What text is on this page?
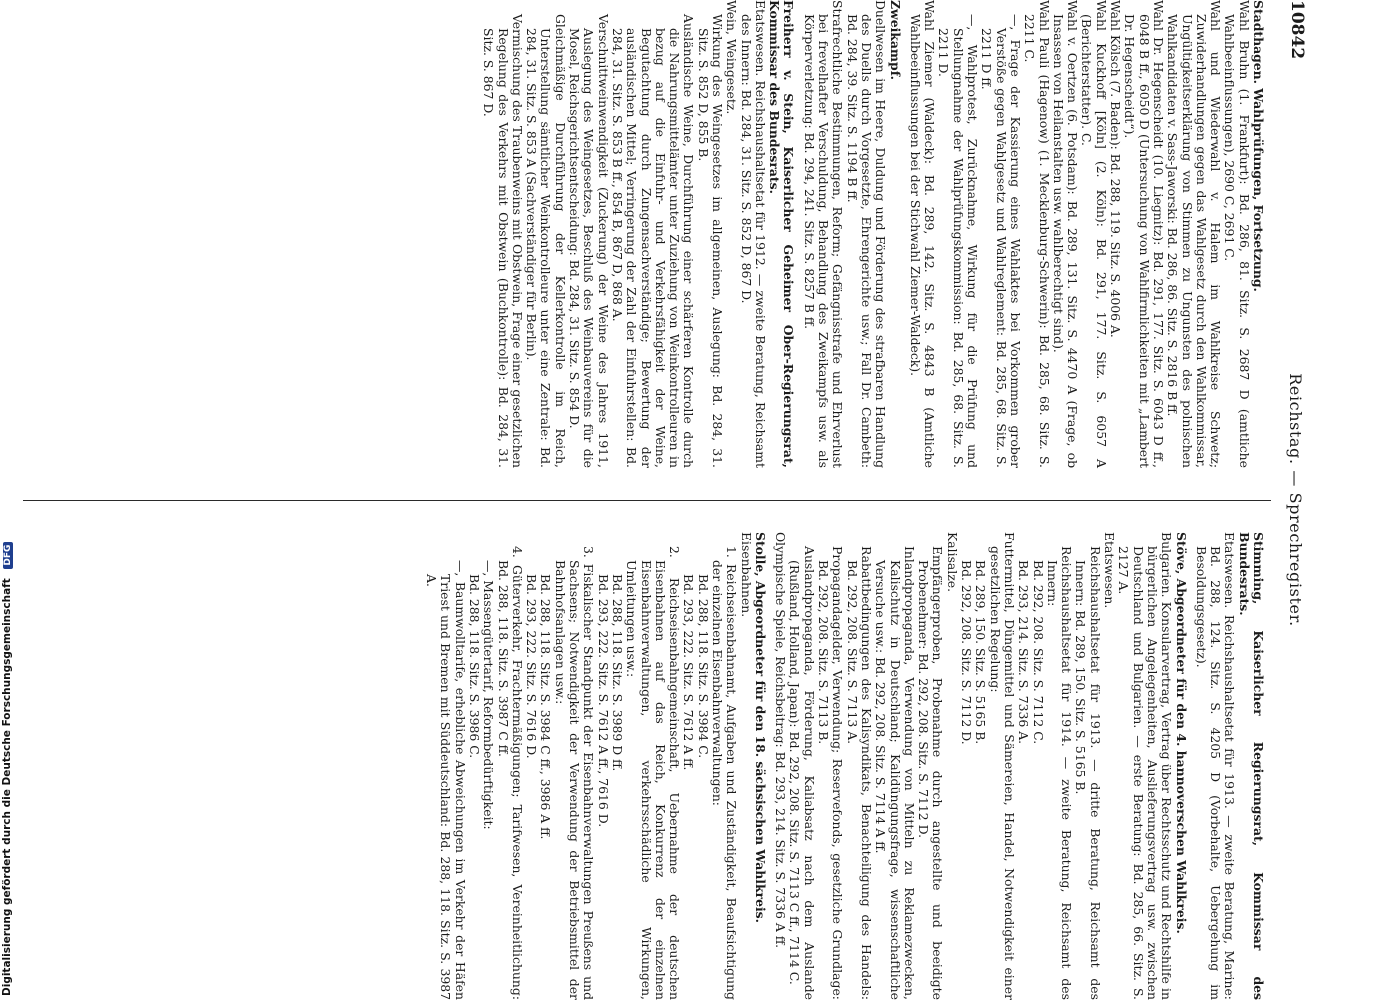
10842
Reichstag. — Sprechregister.

Stadthagen. Wahlprüfungen, Fortsetzung.

Wahl Bruhn (1. Frankfurt): Bd. 286, 81. Sitz. S. 2687 D (amtliche Wahlbeeinflussungen), 2690 C, 2691 C.

Wahl und Wiederwahl v. Halem im Wahlkreise Schwetz; Zuwiderhandlungen gegen das Wahlgesetz durch den Wahlkommissar, Ungültigkeitserklärung von Stimmen zu Ungunsten des polnischen Wahlkandidaten v. Sass-Jaworski: Bd. 286, 86. Sitz. S. 2816 B ff.

Wahl Dr. Hegenscheidt (10. Liegnitz): Bd. 291, 177. Sitz. S. 6043 D ff., 6048 B ff., 6050 D (Untersuchung von Wahlfirmlichkeiten mit „Lambert Dr. Hegenscheidt“).

Wahl Kölsch (7. Baden): Bd. 288, 119. Sitz. S. 4006 A.

Wahl Kuckhoff [Köln] (2. Köln): Bd. 291, 177. Sitz. S. 6057 A (Berichterstatter). C.

Wahl v. Oertzen (6. Potsdam): Bd. 289, 131. Sitz. S. 4470 A (Frage, ob Insassen von Heilanstalten usw. wahlberechtigt sind).

Wahl Pauli (Hagenow) (1. Mecklenburg-Schwerin): Bd. 285, 68. Sitz. S. 2211 C.

—, Frage der Kassierung eines Wahlaktes bei Vorkommen grober Verstöße gegen Wahlgesetz und Wahlreglement: Bd. 285, 68. Sitz. S. 2211 D ff.

—, Wahlprotest, Zurücknahme, Wirkung für die Prüfung und Stellungnahme der Wahlprüfungskommission: Bd. 285, 68. Sitz. S. 2211 D.

Wahl Ziemer (Waldeck): Bd. 289, 142. Sitz. S. 4843 B (Amtliche Wahlbeeinflussungen bei der Stichwahl Ziemer-Waldeck).

Zweikampf.

Duellwesen im Heere, Duldung und Förderung des strafbaren Handlung des Duells durch Vorgesetzte, Ehrengerichte usw.; Fall Dr. Cambeth: Bd. 284, 39. Sitz. S. 1194 B ff.

Strafrechtliche Bestimmungen, Reform; Gefängnisstrafe und Ehrverlust bei frevelhafter Verschuldung, Behandlung des Zweikampfs usw. als Körperverletzung: Bd. 294, 241. Sitz. S. 8257 B ff.

Freiherr v. Stein, Kaiserlicher Geheimer Ober-Regierungsrat, Kommissar des Bundesrats.

Etatswesen. Reichshaushaltsetat für 1912. — zweite Beratung, Reichsamt des Innern: Bd. 284, 31. Sitz. S. 852 D, 867 D.

Wein, Weingesetz.

Wirkung des Weingesetzes im allgemeinen, Auslegung: Bd. 284, 31. Sitz. S. 852 D, 855 B.

Ausländische Weine, Durchführung einer schärferen Kontrolle durch die Nahrungsmittelämter unter Zuziehung von Weinkontrolleuren in bezug auf die Einfuhr- und Verkehrsfähigkeit der Weine, Begutachtung durch Zungensachverständige; Bewertung der ausländischen Mittel; Verringerung der Zahl der Einfuhrstellen: Bd. 284, 31. Sitz. S. 853 B ff., 854 B, 867 D, 868 A.

Verschnittweinwendigkeit (Zuckerung) der Weine des Jahres 1911, Auslegung des Weingesetzes, Beschluß des Weinbauvereins für die Mosel, Reichsgerichtsentscheidung: Bd. 284, 31. Sitz. S. 854 D.

Gleichmäßige Durchführung der Kellerkontrolle im Reich, Unterstellung sämtlicher Weinkontrolleure unter eine Zentrale: Bd. 284, 31. Sitz. S. 853 A (Sachverständiger für Berlin).

Vermischung des Traubenweins mit Obstwein, Frage einer gesetzlichen Regelung des Verkehrs mit Obstwein (Buchkontrolle): Bd. 284, 31. Sitz. S. 867 D.

Stimming, Kaiserlicher Regierungsrat, Kommissar des Bundesrats.

Etatswesen. Reichshaushaltsetat für 1913. — zweite Beratung, Marine: Bd. 288, 124. Sitz. S. 4205 D (Vorbehalte, Uebergehung im Besoldungsgesetz).

Stöve, Abgeordneter für den 4. hannoverschen Wahlkreis.

Bulgarien. Konsularvertrag, Vertrag über Rechtsschutz und Rechtshilfe in bürgerlichen Angelegenheiten, Auslieferungsvertrag usw. zwischen Deutschland und Bulgarien. — erste Beratung: Bd. 285, 66. Sitz. S. 2127 A.

Etatswesen.

Reichshaushaltsetat für 1913. — dritte Beratung, Reichsamt des Innern: Bd. 289, 150. Sitz. S. 5165 B.

Reichshaushaltsetat für 1914. — zweite Beratung, Reichsamt des Innern:

Bd. 292, 208. Sitz. S. 7112 C.

Bd. 293, 214. Sitz. S. 7336 A.

Futtermittel, Düngemittel und Sämereien, Handel, Notwendigkeit einer gesetzlichen Regelung:

Bd. 289, 150. Sitz. S. 5165 B.

Bd. 292, 208. Sitz. S. 7112 D.

Kalisalze.

Empfängerproben, Probenahme durch angestellte und beeidigte Probenehmer: Bd. 292, 208. Sitz. S. 7112 D.

Inlandpropaganda, Verwendung von Mitteln zu Reklamezwecken, Kalischutz in Deutschland; Kalidüngungsfrage, wissenschaftliche Versuche usw.: Bd. 292, 208. Sitz. S. 7114 A ff.

Rabattbedingungen des Kalisyndikats, Benachteiligung des Handels: Bd. 292, 208. Sitz. S. 7113 A.

Propagandagelder, Verwendung; Reservefonds, gesetzliche Grundlage: Bd. 292, 208. Sitz. S. 7113 B.

Auslandpropaganda, Förderung, Kaliabsatz nach dem Auslande (Rußland, Holland, Japan): Bd. 292, 208. Sitz. S. 7113 C ff., 7114 C.

Olympische Spiele, Reichsbeitrag: Bd. 293, 214. Sitz. S. 7336 A ff.

Stolle, Abgeordneter für den 18. sächsischen Wahlkreis.

Eisenbahnen.

1. Reichseisenbahnamt, Aufgaben und Zuständigkeit, Beaufsichtigung der einzelnen Eisenbahnverwaltungen:

Bd. 288, 118. Sitz. S. 3984 C.

Bd. 293, 222. Sitz. S. 7612 A ff.

2. Reichseisenbahngemeinschaft, Uebernahme der deutschen Eisenbahnen auf das Reich, Konkurrenz der einzelnen Eisenbahnverwaltungen, verkehrsschädliche Wirkungen, Umleitungen usw.:

Bd. 288, 118. Sitz. S. 3989 D ff.

Bd. 293, 222. Sitz. S. 7612 A ff., 7616 D.

3. Fiskalischer Standpunkt der Eisenbahnverwaltungen Preußens und Sachsens; Notwendigkeit der Verwendung der Betriebsmittel der Bahnhofsanlagen usw.:

Bd. 288, 118. Sitz. S. 3984 C ff., 3986 A ff.

Bd. 293, 222. Sitz. S. 7616 D.

4. Güterverkehr, Frachtermäßigungen; Tarifwesen, Vereinheitlichung: Bd. 288, 118. Sitz. S. 3987 C ff.

—, Massengütertarif, Reformbedürftigkeit:

Bd. 288, 118. Sitz. S. 3986 C.

—, Baumwolltarife, erhebliche Abweichungen im Verkehr der Häfen Triest und Bremen mit Süddeutschland: Bd. 288, 118. Sitz. S. 3987 A.

Digitalisierung gefördert durch die Deutsche Forschungsgemeinschaft DFG
